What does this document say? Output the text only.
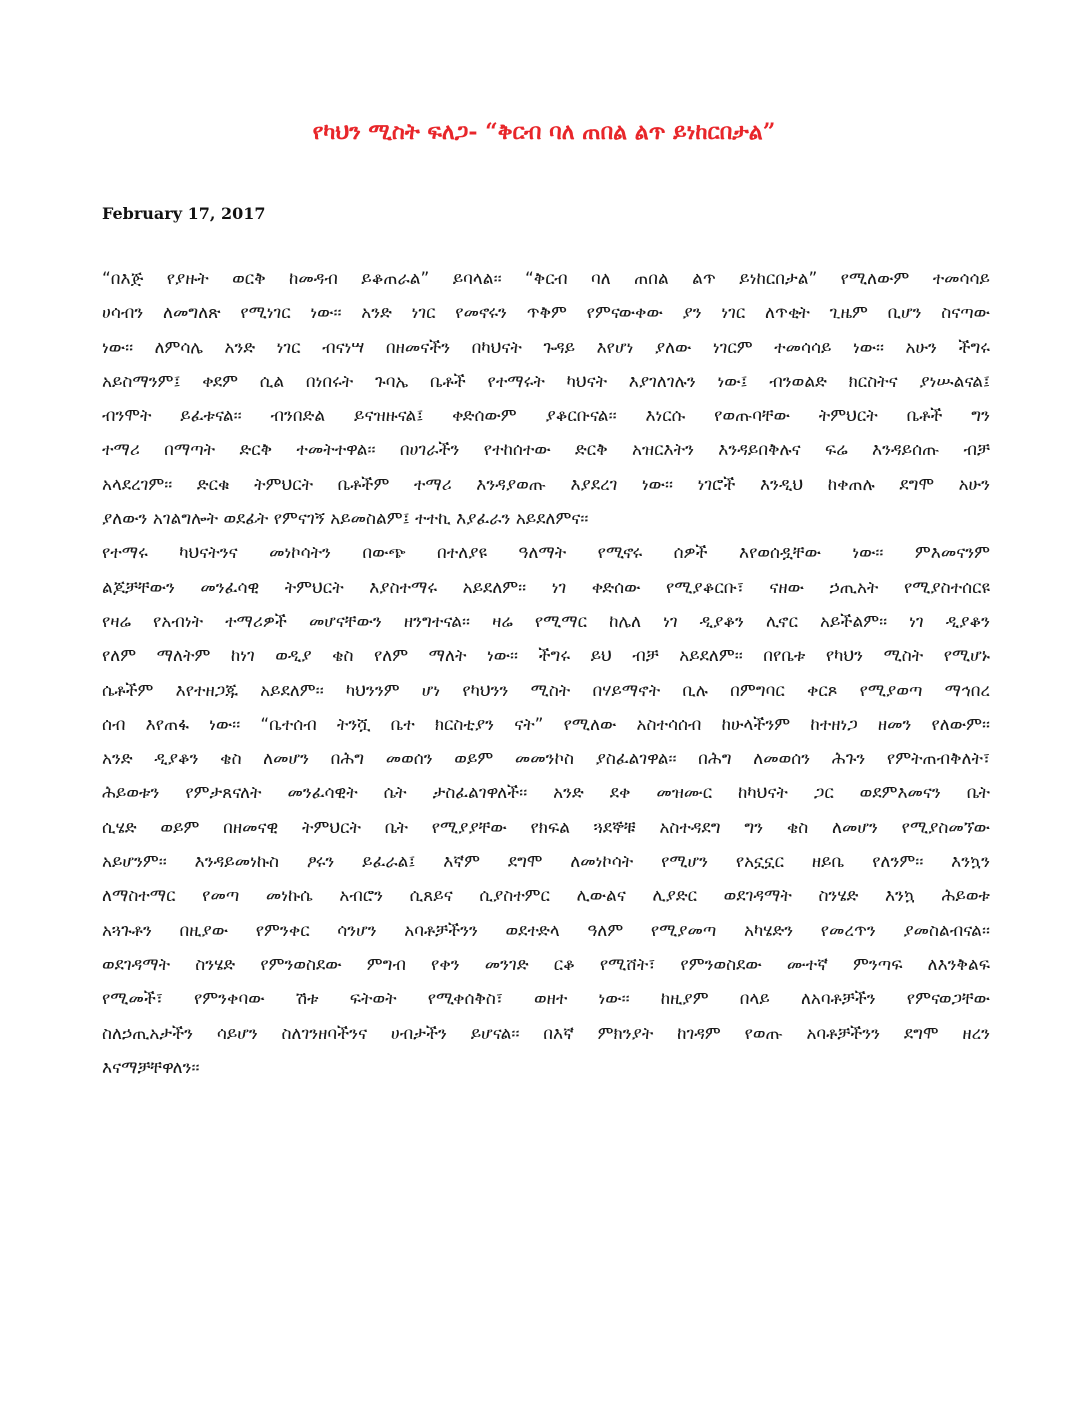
የካህን ሚስት ፍለጋ- “ቅርብ ባለ ጠበል ልጥ ይነከርበታል”
February 17, 2017
“በእጅ የያዙት ወርቅ ከመዳብ ይቆጠራል” ይባላል፡፡ “ቅርብ ባለ ጠበል ልጥ ይነከርበታል” የሚለውም ተመሳሳይ
ሀሳብን ለመግለጽ የሚነገር ነው፡፡ አንድ ነገር የመኖሩን ጥቅም የምናውቀው ያን ነገር ለጥቂት ጊዜም ቢሆን ስናጣው
ነው፡፡ ለምሳሌ አንድ ነገር ብናነሣ በዘመናችን በካህናት ጉዳይ እየሆነ ያለው ነገርም ተመሳሳይ ነው፡፡ አሁን ችግሩ
አይስማንም፤ ቀደም ሲል በነበሩት ጉባኤ ቤቶች የተማሩት ካህናት እያገለገሉን ነው፤ ብንወልድ ክርስትና ያነሡልናል፤
ብንሞት ይፈቱናል፡፡ ብንበድል ይናዝዙናል፤ ቀድሰውም ያቆርቡናል፡፡ እነርሱ የወጡባቸው ትምህርት ቤቶች ግን
ተማሪ በማጣት ድርቅ ተመትተዋል፡፡ በሀገራችን የተከሰተው ድርቅ አዝርእትን እንዳይበቅሉና ፍሬ እንዳይሰጡ ብቻ
አላደረገም፡፡ ድርቁ ትምህርት ቤቶችም ተማሪ እንዳያወጡ እያደረገ ነው፡፡ ነገሮች እንዲህ ከቀጠሉ ደግሞ አሁን
ያለውን አገልግሎት ወደፊት የምናገኝ አይመስልም፤ ተተኪ እያፈራን አይደለምና፡፡
የተማሩ ካህናትንና መነኮሳትን በውጭ በተለያዩ ዓለማት የሚኖሩ ሰዎች እየወሰዷቸው ነው፡፡ ምእመናንም
ልጆቻቸውን መንፈሳዊ ትምህርት እያስተማሩ አይደለም፡፡ ነገ ቀድሰው የሚያቆርቡ፣ ናዘው ኃጢአት የሚያስተሰርዩ
የዛሬ የአብነት ተማሪዎች መሆናቸውን ዘንግተናል፡፡ ዛሬ የሚማር ከሌለ ነገ ዲያቆን ሊኖር አይችልም፡፡ ነገ ዲያቆን
የለም ማለትም ከነገ ወዲያ ቄስ የለም ማለት ነው፡፡ ችግሩ ይህ ብቻ አይደለም፡፡ በየቤቱ የካህን ሚስት የሚሆኑ
ሴቶችም እየተዘጋጁ አይደለም፡፡ ካህንንም ሆነ የካህንን ሚስት በሃይማኖት ቢሉ በምግባር ቀርጾ የሚያወጣ ማኅበረ
ሰብ እየጠፋ ነው፡፡ “ቤተሰብ ትንሿ ቤተ ክርስቲያን ናት” የሚለው አስተሳሰብ ከሁላችንም ከተዘነጋ ዘመን የለውም፡፡
አንድ ዲያቆን ቄስ ለመሆን በሕግ መወሰን ወይም መመንኮስ ያስፈልገዋል፡፡ በሕግ ለመወሰን ሕጉን የምትጠብቅለት፣
ሕይወቱን የምታጸናለት መንፈሳዊት ሴት ታስፈልገዋለች፡፡ አንድ ደቀ መዝሙር ከካህናት ጋር ወደምእመናን ቤት
ሲሄድ ወይም በዘመናዊ ትምህርት ቤት የሚያያቸው የክፍል ጓደኞቹ አስተዳደግ ግን ቄስ ለመሆን የሚያስመኘው
አይሆንም፡፡ እንዳይመነኩስ ፆሩን ይፈራል፤ እኛም ደግሞ ለመነኮሳት የሚሆን የአኗኗር ዘይቤ የለንም፡፡ እንኳን
ለማስተማር የመጣ መነኩሴ አብሮን ሲጸይና ሲያስተምር ሊውልና ሊያድር ወደገዳማት ስንሄድ እንኳ ሕይወቱ
አጓጉቶን በዚያው የምንቀር ሳንሆን አባቶቻችንን ወደተድላ ዓለም የሚያመጣ አካሄድን የመረጥን ያመስልብናል፡፡
ወደገዳማት ስንሄድ የምንወስደው ምግብ የቀን መንገድ ርቆ የሚሸት፣ የምንወስደው ሙተኛ ምንጣፍ ለእንቅልፍ
የሚመች፣ የምንቀባው ሽቱ ፍትወት የሚቀሰቅስ፣ ወዘተ ነው፡፡ ከዚያም በላይ ለአባቶቻችን የምናወጋቸው
ስለኃጢአታችን ሳይሆን ስለገንዘባችንና ሀብታችን ይሆናል፡፡ በእኛ ምክንያት ከገዳም የወጡ አባቶቻችንን ደግሞ ዘረን
እናማቻቸዋለን፡፡
